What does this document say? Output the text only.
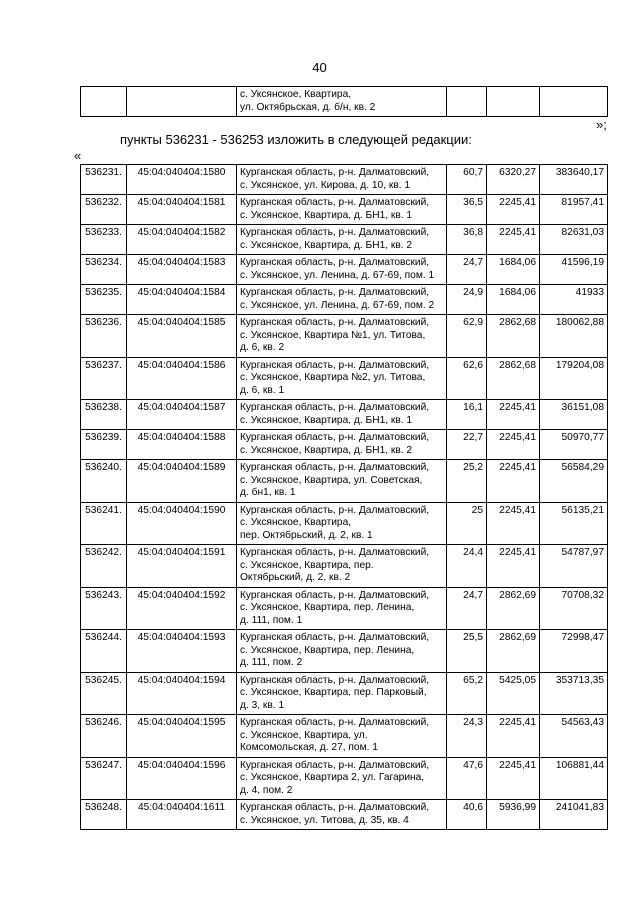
40
		с. Уксянское, Квартира,
ул. Октябрьская, д. б/н, кв. 2			
»;
пункты 536231 - 536253 изложить в следующей редакции:
«
536231.	45:04:040404:1580	Курганская область, р-н. Далматовский,
с. Уксянское, ул. Кирова, д. 10, кв. 1	60,7	6320,27	383640,17
536232.	45:04:040404:1581	Курганская область, р-н. Далматовский,
с. Уксянское, Квартира, д. БН1, кв. 1	36,5	2245,41	81957,41
536233.	45:04:040404:1582	Курганская область, р-н. Далматовский,
с. Уксянское, Квартира, д. БН1, кв. 2	36,8	2245,41	82631,03
536234.	45:04:040404:1583	Курганская область, р-н. Далматовский,
с. Уксянское, ул. Ленина, д. 67-69, пом. 1	24,7	1684,06	41596,19
536235.	45:04:040404:1584	Курганская область, р-н. Далматовский,
с. Уксянское, ул. Ленина, д. 67-69, пом. 2	24,9	1684,06	41933
536236.	45:04:040404:1585	Курганская область, р-н. Далматовский,
с. Уксянское, Квартира №1, ул. Титова,
д. 6, кв. 2	62,9	2862,68	180062,88
536237.	45:04:040404:1586	Курганская область, р-н. Далматовский,
с. Уксянское, Квартира №2, ул. Титова,
д. 6, кв. 1	62,6	2862,68	179204,08
536238.	45:04:040404:1587	Курганская область, р-н. Далматовский,
с. Уксянское, Квартира, д. БН1, кв. 1	16,1	2245,41	36151,08
536239.	45:04:040404:1588	Курганская область, р-н. Далматовский,
с. Уксянское, Квартира, д. БН1, кв. 2	22,7	2245,41	50970,77
536240.	45:04:040404:1589	Курганская область, р-н. Далматовский,
с. Уксянское, Квартира, ул. Советская,
д. бн1, кв. 1	25,2	2245,41	56584,29
536241.	45:04:040404:1590	Курганская область, р-н. Далматовский,
с. Уксянское, Квартира,
пер. Октябрьский, д. 2, кв. 1	25	2245,41	56135,21
536242.	45:04:040404:1591	Курганская область, р-н. Далматовский,
с. Уксянское, Квартира, пер.
Октябрьский, д. 2, кв. 2	24,4	2245,41	54787,97
536243.	45:04:040404:1592	Курганская область, р-н. Далматовский,
с. Уксянское, Квартира, пер. Ленина,
д. 111, пом. 1	24,7	2862,69	70708,32
536244.	45:04:040404:1593	Курганская область, р-н. Далматовский,
с. Уксянское, Квартира, пер. Ленина,
д. 111, пом. 2	25,5	2862,69	72998,47
536245.	45:04:040404:1594	Курганская область, р-н. Далматовский,
с. Уксянское, Квартира, пер. Парковый,
д. 3, кв. 1	65,2	5425,05	353713,35
536246.	45:04:040404:1595	Курганская область, р-н. Далматовский,
с. Уксянское, Квартира, ул.
Комсомольская, д. 27, пом. 1	24,3	2245,41	54563,43
536247.	45:04:040404:1596	Курганская область, р-н. Далматовский,
с. Уксянское, Квартира 2, ул. Гагарина,
д. 4, пом. 2	47,6	2245,41	106881,44
536248.	45:04:040404:1611	Курганская область, р-н. Далматовский,
с. Уксянское, ул. Титова, д. 35, кв. 4	40,6	5936,99	241041,83
